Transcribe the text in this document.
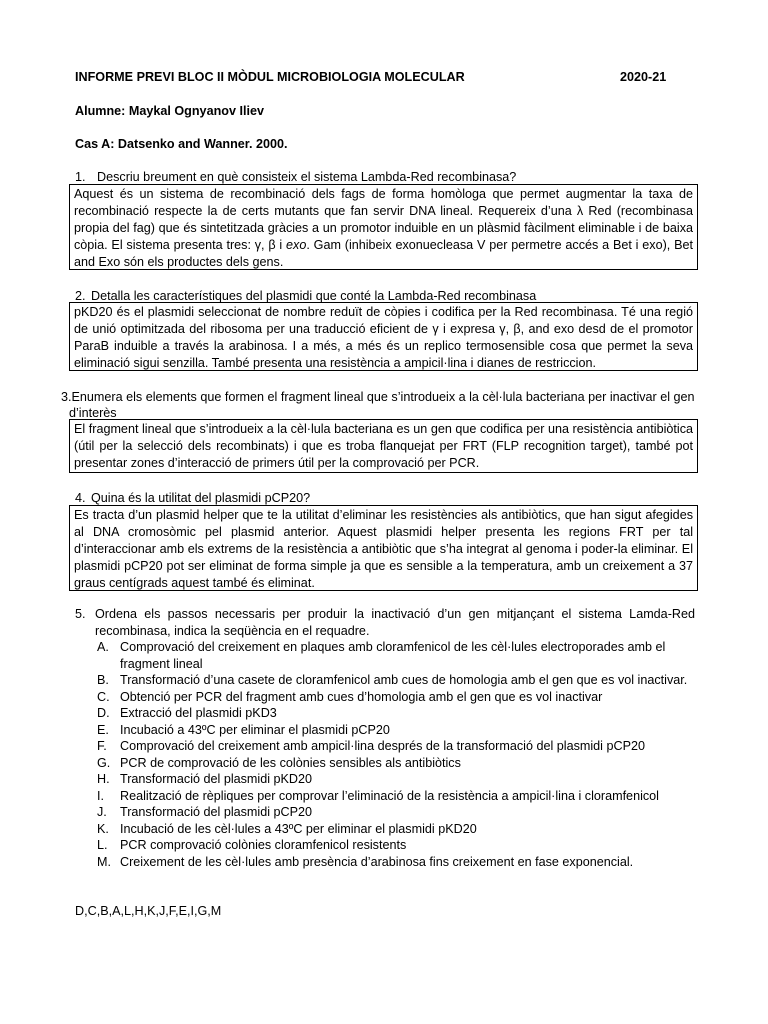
INFORME PREVI BLOC II MÒDUL MICROBIOLOGIA MOLECULAR	2020-21
Alumne: Maykal Ognyanov Iliev
Cas A: Datsenko and Wanner. 2000.
1. Descriu breument en què consisteix el sistema Lambda-Red recombinasa?

Aquest és un sistema de recombinació dels fags de forma homòloga que permet augmentar la taxa de recombinació respecte la de certs mutants que fan servir DNA lineal. Requereix d’una λ Red (recombinasa propia del fag) que és sintetitzada gràcies a un promotor induible en un plàsmid fàcilment eliminable i de baixa còpia. El sistema presenta tres: γ, β i exo. Gam (inhibeix exonuecleasa V per permetre accés a Bet i exo), Bet and Exo són els productes dels gens.

2. Detalla les característiques del plasmidi que conté la Lambda-Red recombinasa

pKD20 és el plasmidi seleccionat de nombre reduït de còpies i codifica per la Red recombinasa. Té una regió de unió optimitzada del ribosoma per una traducció eficient de γ i expresa γ, β, and exo desd de el promotor ParaB induible a través la arabinosa. I a més, a més és un replico termosensible cosa que permet la seva eliminació sigui senzilla. També presenta una resistència a ampicil·lina i dianes de restriccion.

3.Enumera els elements que formen el fragment lineal que s’introdueix a la cèl·lula bacteriana per inactivar el gen d’interès

El fragment lineal que s’introdueix a la cèl·lula bacteriana es un gen que codifica per una resistència antibiòtica (útil per la selecció dels recombinats) i que es troba flanquejat per FRT (FLP recognition target), també pot presentar zones d’interacció de primers útil per la comprovació per PCR.

4. Quina és la utilitat del plasmidi pCP20?

Es tracta d’un plasmid helper que te la utilitat d’eliminar les resistències als antibiòtics, que han sigut afegides al DNA cromosòmic pel plasmid anterior. Aquest plasmidi helper presenta les regions FRT per tal d’interaccionar amb els extrems de la resistència a antibiòtic que s’ha integrat al genoma i poder-la eliminar. El plasmidi pCP20 pot ser eliminat de forma simple ja que es sensible a la temperatura, amb un creixement a 37 graus centígrads aquest també és eliminat.

5. Ordena els passos necessaris per produir la inactivació d’un gen mitjançant el sistema Lamda-Red recombinasa, indica la seqüència en el requadre.
A. Comprovació del creixement en plaques amb cloramfenicol de les cèl·lules electroporades amb el fragment lineal
B. Transformació d’una casete de cloramfenicol amb cues de homologia amb el gen que es vol inactivar.
C. Obtenció per PCR del fragment amb cues d’homologia amb el gen que es vol inactivar
D. Extracció del plasmidi pKD3
E. Incubació a 43ºC per eliminar el plasmidi pCP20
F. Comprovació del creixement amb ampicil·lina després de la transformació del plasmidi pCP20
G. PCR de comprovació de les colònies sensibles als antibiòtics
H. Transformació del plasmidi pKD20
I. Realització de rèpliques per comprovar l’eliminació de la resistència a ampicil·lina i cloramfenicol
J. Transformació del plasmidi pCP20
K. Incubació de les cèl·lules a 43ºC per eliminar el plasmidi pKD20
L. PCR comprovació colònies cloramfenicol resistents
M. Creixement de les cèl·lules amb presència d’arabinosa fins creixement en fase exponencial.
D,C,B,A,L,H,K,J,F,E,I,G,M
